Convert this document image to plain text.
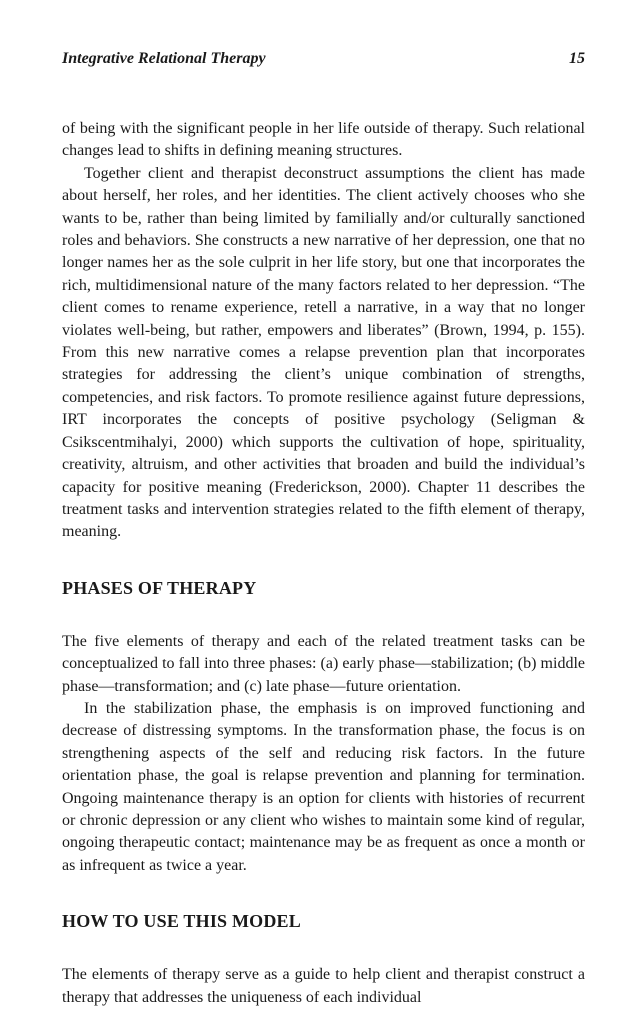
Integrative Relational Therapy	15

of being with the significant people in her life outside of therapy. Such relational changes lead to shifts in defining meaning structures.

Together client and therapist deconstruct assumptions the client has made about herself, her roles, and her identities. The client actively chooses who she wants to be, rather than being limited by familially and/or culturally sanctioned roles and behaviors. She constructs a new narrative of her depression, one that no longer names her as the sole culprit in her life story, but one that incorporates the rich, multidimensional nature of the many factors related to her depression. “The client comes to rename experience, retell a narrative, in a way that no longer violates well-being, but rather, empowers and liberates” (Brown, 1994, p. 155). From this new narrative comes a relapse prevention plan that incorporates strategies for addressing the client’s unique combination of strengths, competencies, and risk factors. To promote resilience against future depressions, IRT incorporates the concepts of positive psychology (Seligman & Csikscentmihalyi, 2000) which supports the cultivation of hope, spirituality, creativity, altruism, and other activities that broaden and build the individual’s capacity for positive meaning (Frederickson, 2000). Chapter 11 describes the treatment tasks and intervention strategies related to the fifth element of therapy, meaning.

PHASES OF THERAPY

The five elements of therapy and each of the related treatment tasks can be conceptualized to fall into three phases: (a) early phase—stabilization; (b) middle phase—transformation; and (c) late phase—future orientation.

In the stabilization phase, the emphasis is on improved functioning and decrease of distressing symptoms. In the transformation phase, the focus is on strengthening aspects of the self and reducing risk factors. In the future orientation phase, the goal is relapse prevention and planning for termination. Ongoing maintenance therapy is an option for clients with histories of recurrent or chronic depression or any client who wishes to maintain some kind of regular, ongoing therapeutic contact; maintenance may be as frequent as once a month or as infrequent as twice a year.

HOW TO USE THIS MODEL

The elements of therapy serve as a guide to help client and therapist construct a therapy that addresses the uniqueness of each individual
